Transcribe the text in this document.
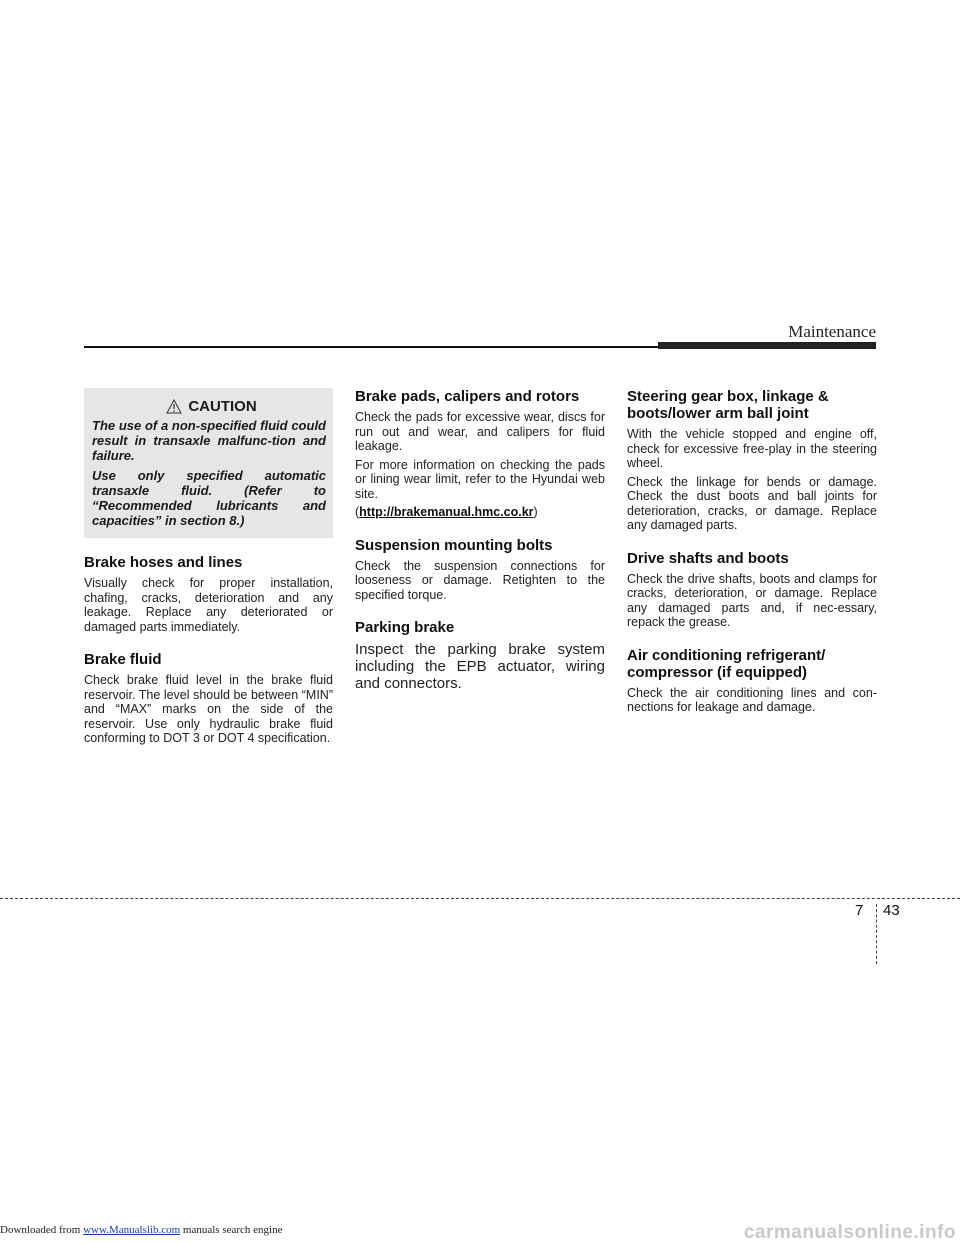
Maintenance
CAUTION

The use of a non-specified fluid could result in transaxle malfunc-tion and failure.

Use only specified automatic transaxle fluid. (Refer to “Recommended lubricants and capacities” in section 8.)

Brake hoses and lines

Visually check for proper installation, chafing, cracks, deterioration and any leakage. Replace any deteriorated or damaged parts immediately.

Brake fluid

Check brake fluid level in the brake fluid reservoir. The level should be between “MIN” and “MAX” marks on the side of the reservoir. Use only hydraulic brake fluid conforming to DOT 3 or DOT 4 specification.

Brake pads, calipers and rotors

Check the pads for excessive wear, discs for run out and wear, and calipers for fluid leakage.

For more information on checking the pads or lining wear limit, refer to the Hyundai web site.

(http://brakemanual.hmc.co.kr)

Suspension mounting bolts

Check the suspension connections for looseness or damage. Retighten to the specified torque.

Parking brake

Inspect the parking brake system including the EPB actuator, wiring and connectors.

Steering gear box, linkage & boots/lower arm ball joint

With the vehicle stopped and engine off, check for excessive free-play in the steering wheel.

Check the linkage for bends or damage. Check the dust boots and ball joints for deterioration, cracks, or damage. Replace any damaged parts.

Drive shafts and boots

Check the drive shafts, boots and clamps for cracks, deterioration, or damage. Replace any damaged parts and, if nec-essary, repack the grease.

Air conditioning refrigerant/ compressor (if equipped)

Check the air conditioning lines and con-nections for leakage and damage.

7 43
Downloaded from www.Manualslib.com manuals search engine	carmanualsonline.info
